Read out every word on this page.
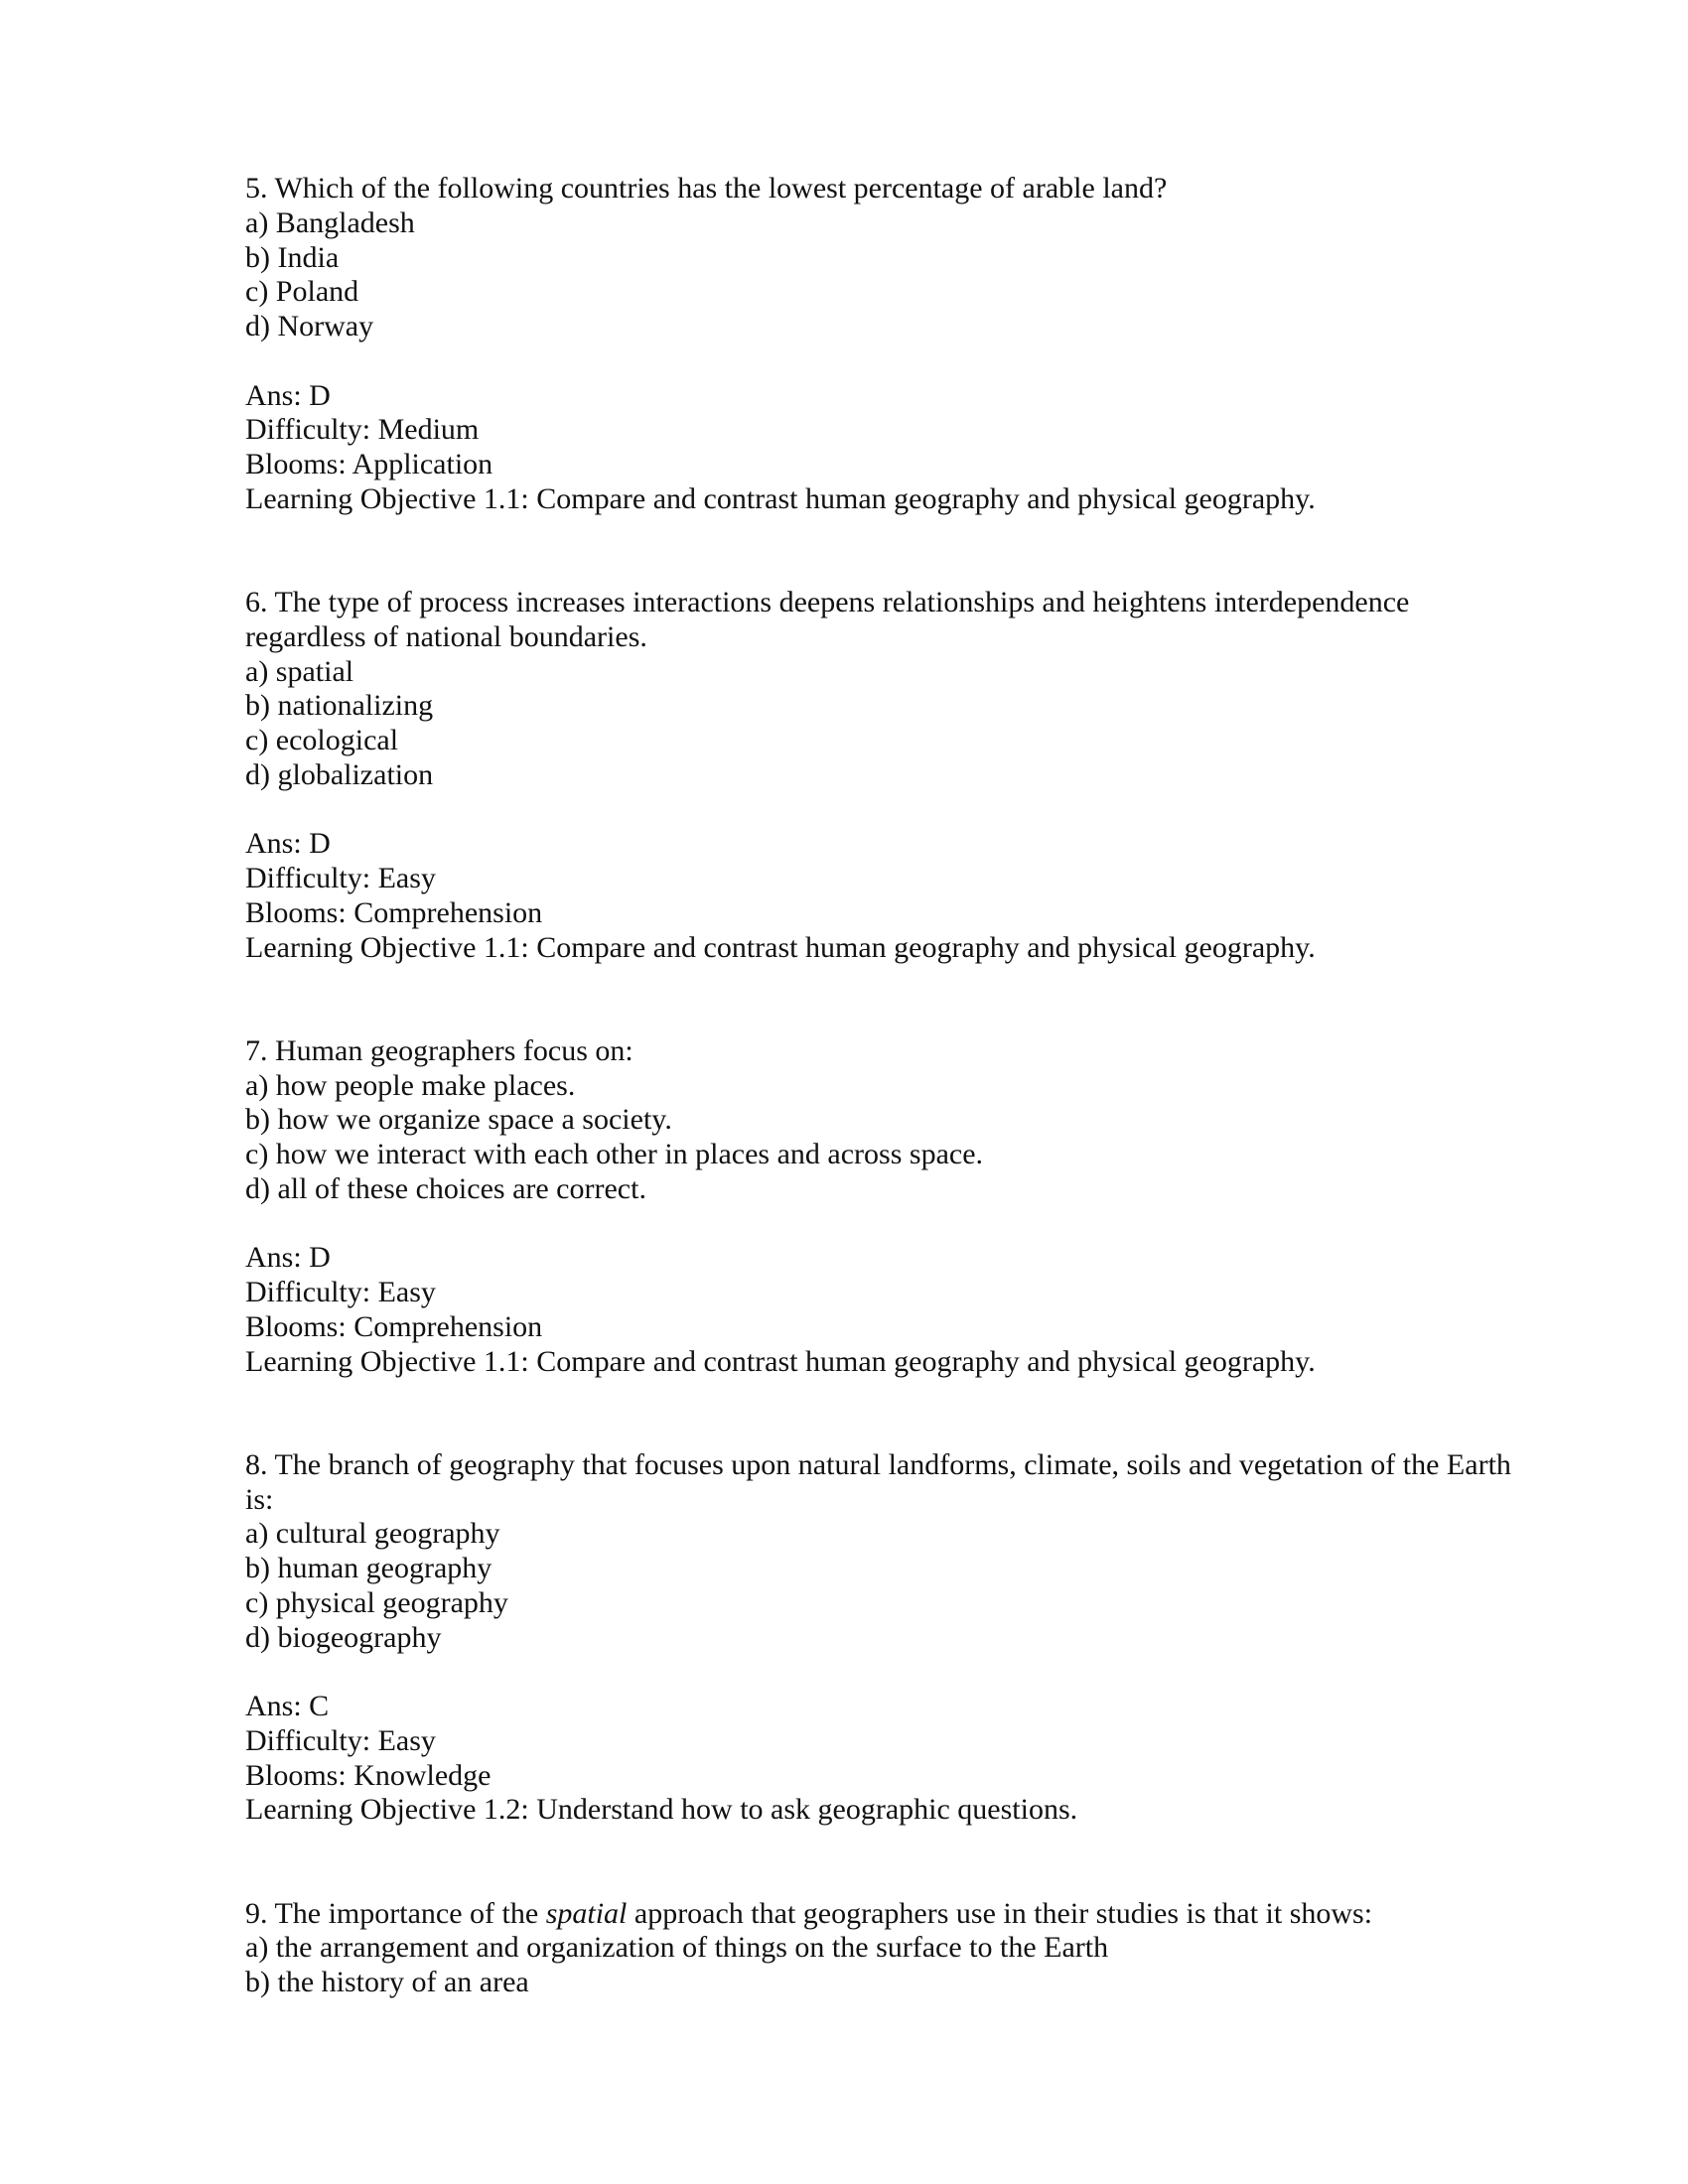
5. Which of the following countries has the lowest percentage of arable land?
a) Bangladesh
b) India
c) Poland
d) Norway
Ans: D
Difficulty: Medium
Blooms: Application
Learning Objective 1.1: Compare and contrast human geography and physical geography.
6. The type of process increases interactions deepens relationships and heightens interdependence
regardless of national boundaries.
a) spatial
b) nationalizing
c) ecological
d) globalization
Ans: D
Difficulty: Easy
Blooms: Comprehension
Learning Objective 1.1: Compare and contrast human geography and physical geography.
7. Human geographers focus on:
a) how people make places.
b) how we organize space a society.
c) how we interact with each other in places and across space.
d) all of these choices are correct.
Ans: D
Difficulty: Easy
Blooms: Comprehension
Learning Objective 1.1: Compare and contrast human geography and physical geography.
8. The branch of geography that focuses upon natural landforms, climate, soils and vegetation of the Earth
is:
a) cultural geography
b) human geography
c) physical geography
d) biogeography
Ans: C
Difficulty: Easy
Blooms: Knowledge
Learning Objective 1.2: Understand how to ask geographic questions.
9. The importance of the spatial approach that geographers use in their studies is that it shows:
a) the arrangement and organization of things on the surface to the Earth
b) the history of an area
